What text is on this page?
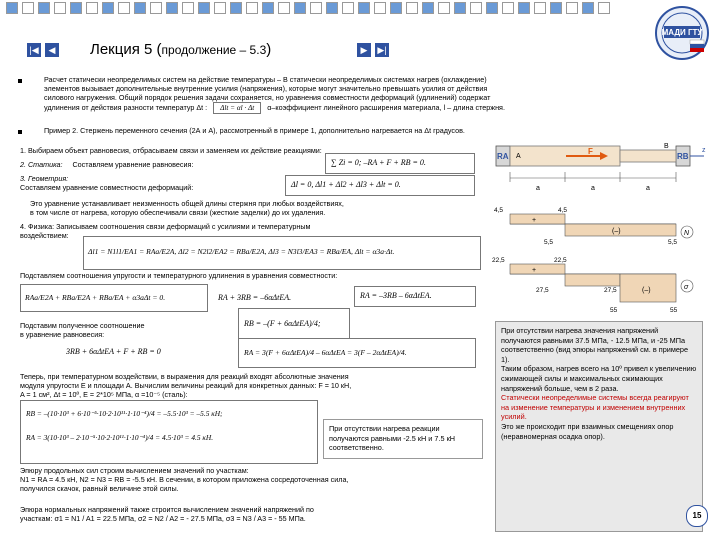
МАДИ ГТУ
|◀	◀	▶	▶|
Лекция 5 (продолжение – 5.3)
Расчет статически неопределимых систем на действие температуры – В статически неопределимых системах нагрев (охлаждение)
элементов вызывает дополнительные внутренние усилия (напряжения), которые могут значительно превышать усилия от действия
силового нагружения. Общий порядок решения задачи сохраняется, но уравнения совместности деформаций (удлинений) содержат
удлинения от действия разности температур Δt : Δlt = αl · Δt α–коэффициент линейного расширения материала, l – длина стержня.
Пример 2. Стержень переменного сечения (2А и А), рассмотренный в примере 1, дополнительно нагревается на Δt градусов.
1. Выбираем объект равновесия, отбрасываем связи и заменяем их действие реакциями:
2. Статика: Составляем уравнение равновесия:	∑ Zi = 0; –RA + F + RB = 0.
3. Геометрия:
Составляем уравнение совместности деформаций:	Δl = 0, Δl1 + Δl2 + Δl3 + Δlt = 0.
Это уравнение устанавливает неизменность общей длины стержня при любых воздействиях,
в том числе от нагрева, которую обеспечивали связи (жесткие заделки) до их удаления.
4. Физика: Записываем соотношения связи деформаций с усилиями и температурным
воздействием:
Δl1 = N1l1/EA1 = RAa/E2A, Δl2 = N2l2/EA2 = RBa/E2A, Δl3 = N3l3/EA3 = RBa/EA, Δlt = α3a·Δt.
Подставляем соотношения упругости и температурного удлинения в уравнения совместности:
RAa/E2A + RBa/E2A + RBa/EA + α3aΔt = 0.	RA + 3RB = –6αΔtEA.	RA = –3RB – 6αΔtEA.
RB = –(F + 6αΔtEA)/4;
Подставим полученное соотношение
в уравнение равновесия:
3RB + 6αΔtEA + F + RB = 0	RA = 3(F + 6αΔtEA)/4 – 6αΔtEA = 3(F – 2αΔtEA)/4.
Теперь, при температурном воздействии, в выражения для реакций входят абсолютные значения
модуля упругости E и площади A. Вычислим величины реакций для конкретных данных: F = 10 кН,
A = 1 см², Δt = 10º, E = 2*10⁵ МПа, α =10⁻⁵ (сталь):
RB = –(10·10³ + 6·10⁻⁵·10·2·10¹¹·1·10⁻⁴)/4 = –5.5·10³ = –5.5 кН;
RA = 3(10·10³ – 2·10⁻⁵·10·2·10¹¹·1·10⁻⁴)/4 = 4.5·10³ = 4.5 кН.
При отсутствии нагрева реакции получаются равными -2.5 кН и 7.5 кН соответственно.
Эпюру продольных сил строим вычислением значений по участкам:
N1 = RA = 4.5 кН, N2 = N3 = RB = -5.5 кН. В сечении, в котором приложена сосредоточенная сила,
получился скачок, равный величине этой силы.
Эпюра нормальных напряжений также строится вычислением значений напряжений по
участкам: σ1 = N1 / A1 = 22.5 МПа, σ2 = N2 / A2 = - 27.5 МПа, σ3 = N3 / A3 = - 55 МПа.
При отсутствии нагрева значения напряжений получаются равными 37.5 МПа, - 12.5 МПа, и -25 МПа соответственно (вид эпюры напряжений см. в примере 1).
Таким образом, нагрев всего на 10º привел к увеличению сжимающей силы и максимальных сжимающих напряжений больше, чем в 2 раза.
Статически неопределимые системы всегда реагируют на изменение температуры и изменением внутренних усилий.
Это же происходит при взаимных смещениях опор (неравномерная осадка опор).
15
RA	RB
A
B
F	z
a	a	a
+
(–)
4,5	4,5
5,5	5,5
N
+
(–)
22,5	22,5
27,5	27,5
55	55
σ
